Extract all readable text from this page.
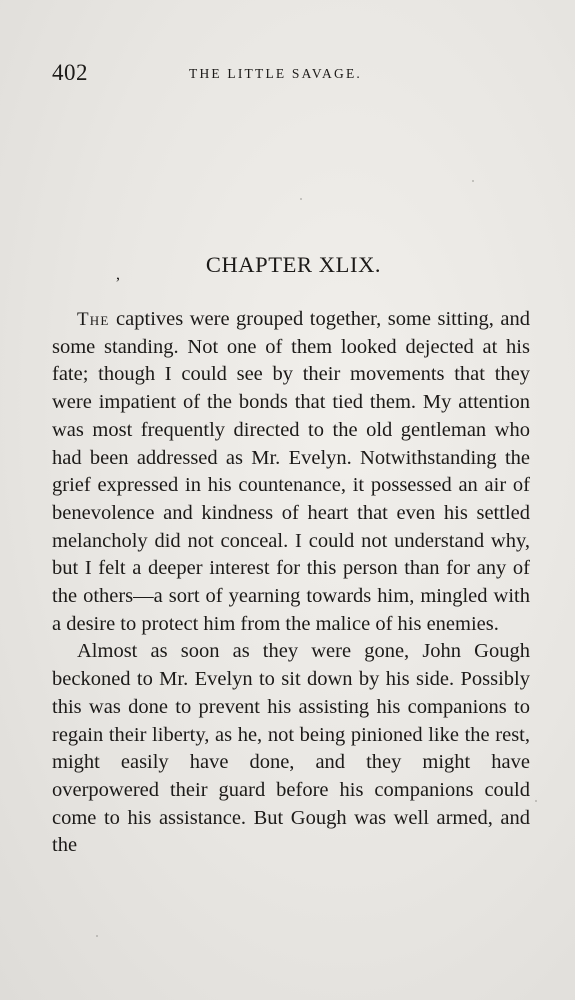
402	THE LITTLE SAVAGE.
,	CHAPTER XLIX.

The captives were grouped together, some sitting, and some standing. Not one of them looked dejected at his fate; though I could see by their movements that they were impatient of the bonds that tied them. My attention was most frequently directed to the old gentleman who had been addressed as Mr. Evelyn. Notwithstanding the grief expressed in his countenance, it possessed an air of benevolence and kindness of heart that even his settled melancholy did not conceal. I could not understand why, but I felt a deeper interest for this person than for any of the others—a sort of yearning towards him, mingled with a desire to protect him from the malice of his enemies.

Almost as soon as they were gone, John Gough beckoned to Mr. Evelyn to sit down by his side. Possibly this was done to prevent his assisting his companions to regain their liberty, as he, not being pinioned like the rest, might easily have done, and they might have overpowered their guard before his companions could come to his assistance. But Gough was well armed, and the
